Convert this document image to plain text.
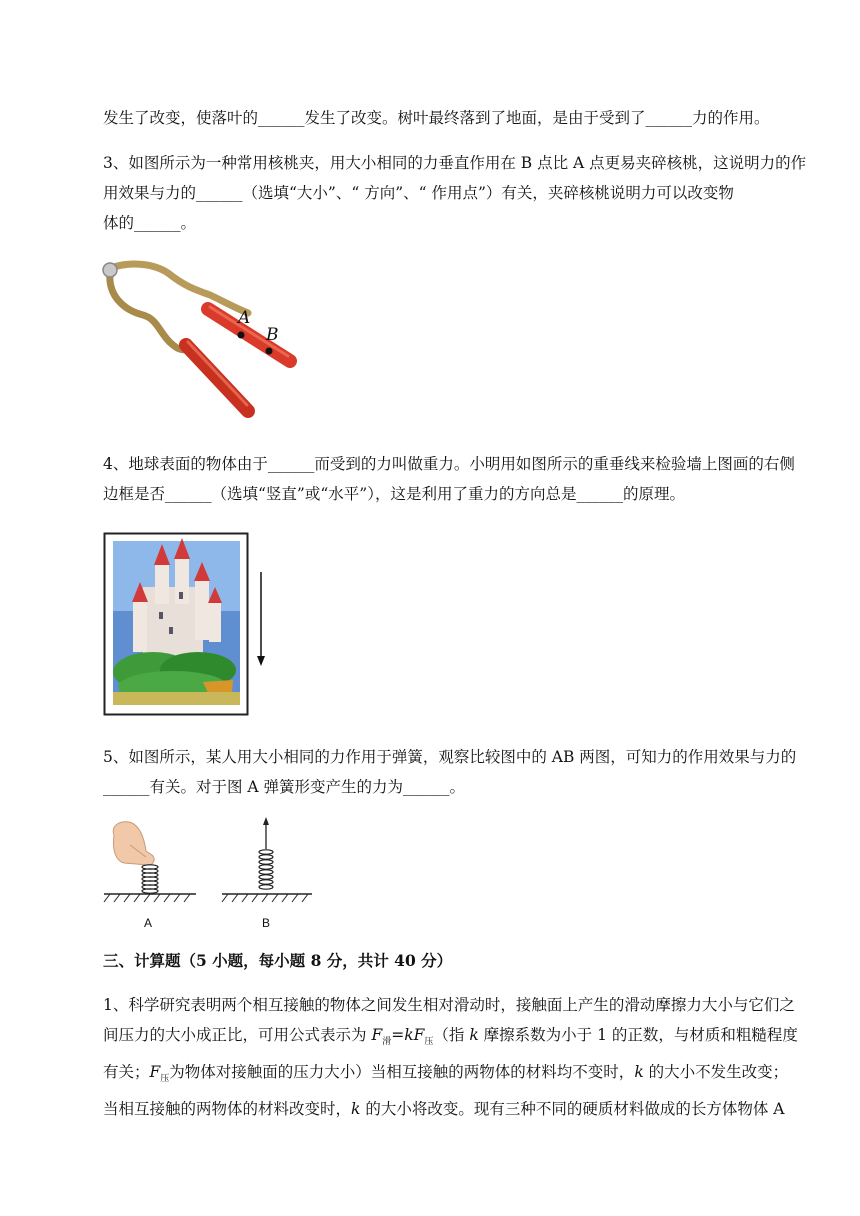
发生了改变，使落叶的______发生了改变。树叶最终落到了地面，是由于受到了______力的作用。

3、如图所示为一种常用核桃夹，用大小相同的力垂直作用在 B 点比 A 点更易夹碎核桃，这说明力的作
用效果与力的______（选填“大小”、“ 方向”、“ 作用点”）有关，夹碎核桃说明力可以改变物
体的______。

A
B

4、地球表面的物体由于______而受到的力叫做重力。小明用如图所示的重垂线来检验墙上图画的右侧
边框是否______（选填“竖直”或“水平”），这是利用了重力的方向总是______的原理。

5、如图所示，某人用大小相同的力作用于弹簧，观察比较图中的 AB 两图，可知力的作用效果与力的
______有关。对于图 A 弹簧形变产生的力为______。

A	B

三、计算题（5 小题，每小题 8 分，共计 40 分）

1、科学研究表明两个相互接触的物体之间发生相对滑动时，接触面上产生的滑动摩擦力大小与它们之
间压力的大小成正比，可用公式表示为 $F_滑=kF_压$（指 k 摩擦系数为小于 1 的正数，与材质和粗糙程度
有关；$F_压$为物体对接触面的压力大小）当相互接触的两物体的材料均不变时，k 的大小不发生改变；
当相互接触的两物体的材料改变时，k 的大小将改变。现有三种不同的硬质材料做成的长方体物体 A
